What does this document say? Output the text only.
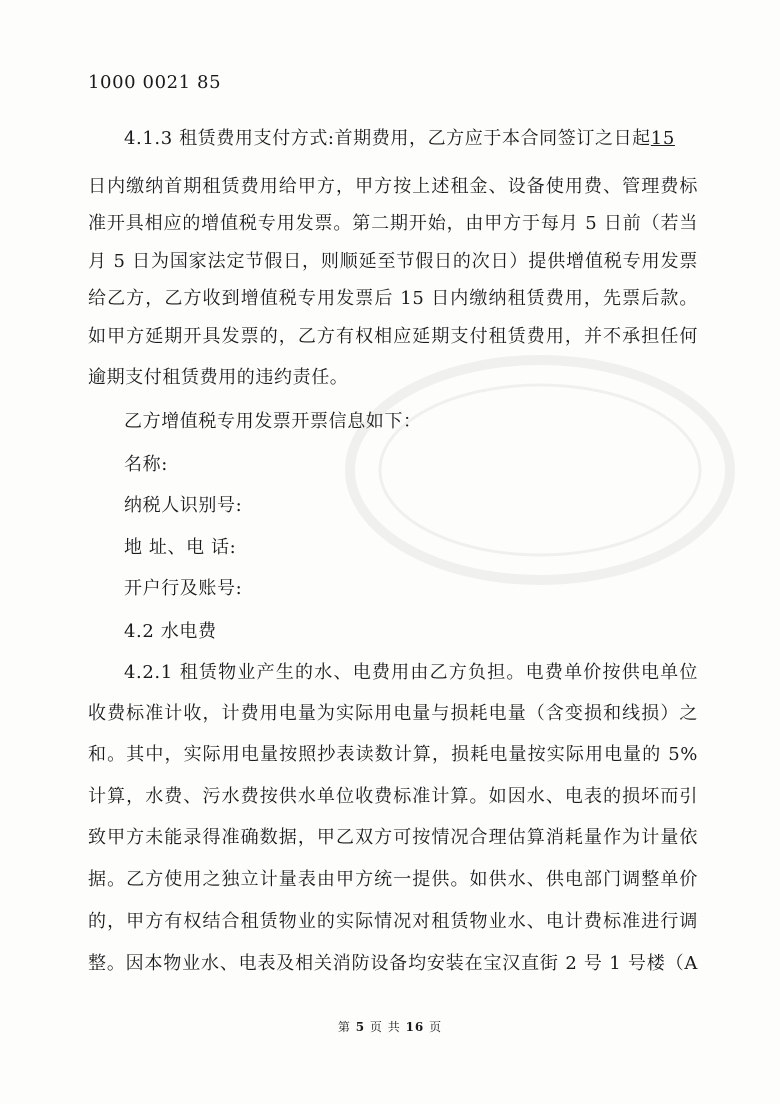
1000 0021 85
4.1.3 租赁费用支付方式:首期费用，乙方应于本合同签订之日起15
日内缴纳首期租赁费用给甲方，甲方按上述租金、设备使用费、管理费标
准开具相应的增值税专用发票。第二期开始，由甲方于每月 5 日前（若当
月 5 日为国家法定节假日，则顺延至节假日的次日）提供增值税专用发票
给乙方，乙方收到增值税专用发票后 15 日内缴纳租赁费用，先票后款。
如甲方延期开具发票的，乙方有权相应延期支付租赁费用，并不承担任何
逾期支付租赁费用的违约责任。
乙方增值税专用发票开票信息如下：
名称:
纳税人识别号:
地 址、电 话:
开户行及账号:
4.2 水电费
4.2.1 租赁物业产生的水、电费用由乙方负担。电费单价按供电单位
收费标准计收，计费用电量为实际用电量与损耗电量（含变损和线损）之
和。其中，实际用电量按照抄表读数计算，损耗电量按实际用电量的 5%
计算，水费、污水费按供水单位收费标准计算。如因水、电表的损坏而引
致甲方未能录得准确数据，甲乙双方可按情况合理估算消耗量作为计量依
据。乙方使用之独立计量表由甲方统一提供。如供水、供电部门调整单价
的，甲方有权结合租赁物业的实际情况对租赁物业水、电计费标准进行调
整。因本物业水、电表及相关消防设备均安装在宝汉直街 2 号 1 号楼（A
第 5 页 共 16 页
